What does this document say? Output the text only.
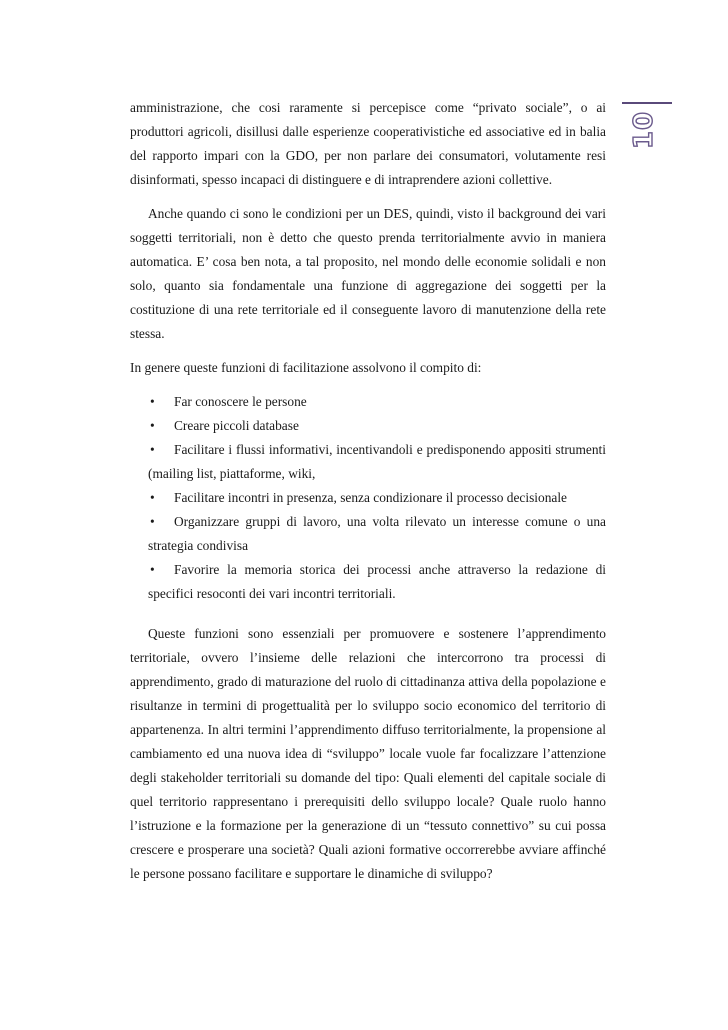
10
amministrazione, che cosi raramente si percepisce come “privato sociale”, o ai
produttori agricoli, disillusi dalle esperienze cooperativistiche ed associative ed in balia
del rapporto impari con la GDO, per non parlare dei consumatori, volutamente resi
disinformati, spesso incapaci di distinguere e di intraprendere azioni collettive.
Anche quando ci sono le condizioni per un DES, quindi, visto il background dei vari
soggetti territoriali, non è detto che questo prenda territorialmente avvio in maniera
automatica. E’ cosa ben nota, a tal proposito, nel mondo delle economie solidali e non
solo, quanto sia fondamentale una funzione di aggregazione dei soggetti per la
costituzione di una rete territoriale ed il conseguente lavoro di manutenzione della rete
stessa.
In genere queste funzioni di facilitazione assolvono il compito di:
•	Far conoscere le persone
•	Creare piccoli database
•	Facilitare i flussi informativi, incentivandoli e predisponendo appositi strumenti
(mailing list, piattaforme, wiki,
•	Facilitare incontri in presenza, senza condizionare il processo decisionale
•	Organizzare gruppi di lavoro, una volta rilevato un interesse comune o una
strategia condivisa
•	Favorire la memoria storica dei processi anche attraverso la redazione di
specifici resoconti dei vari incontri territoriali.
Queste funzioni sono essenziali per promuovere e sostenere l’apprendimento
territoriale, ovvero l’insieme delle relazioni che intercorrono tra processi di
apprendimento, grado di maturazione del ruolo di cittadinanza attiva della popolazione e
risultanze in termini di progettualità per lo sviluppo socio economico del territorio di
appartenenza. In altri termini l’apprendimento diffuso territorialmente, la propensione al
cambiamento ed una nuova idea di “sviluppo” locale vuole far focalizzare l’attenzione
degli stakeholder territoriali su domande del tipo: Quali elementi del capitale sociale di
quel territorio rappresentano i prerequisiti dello sviluppo locale? Quale ruolo hanno
l’istruzione e la formazione per la generazione di un “tessuto connettivo” su cui possa
crescere e prosperare una società? Quali azioni formative occorrerebbe avviare affinché
le persone possano facilitare e supportare le dinamiche di sviluppo?
